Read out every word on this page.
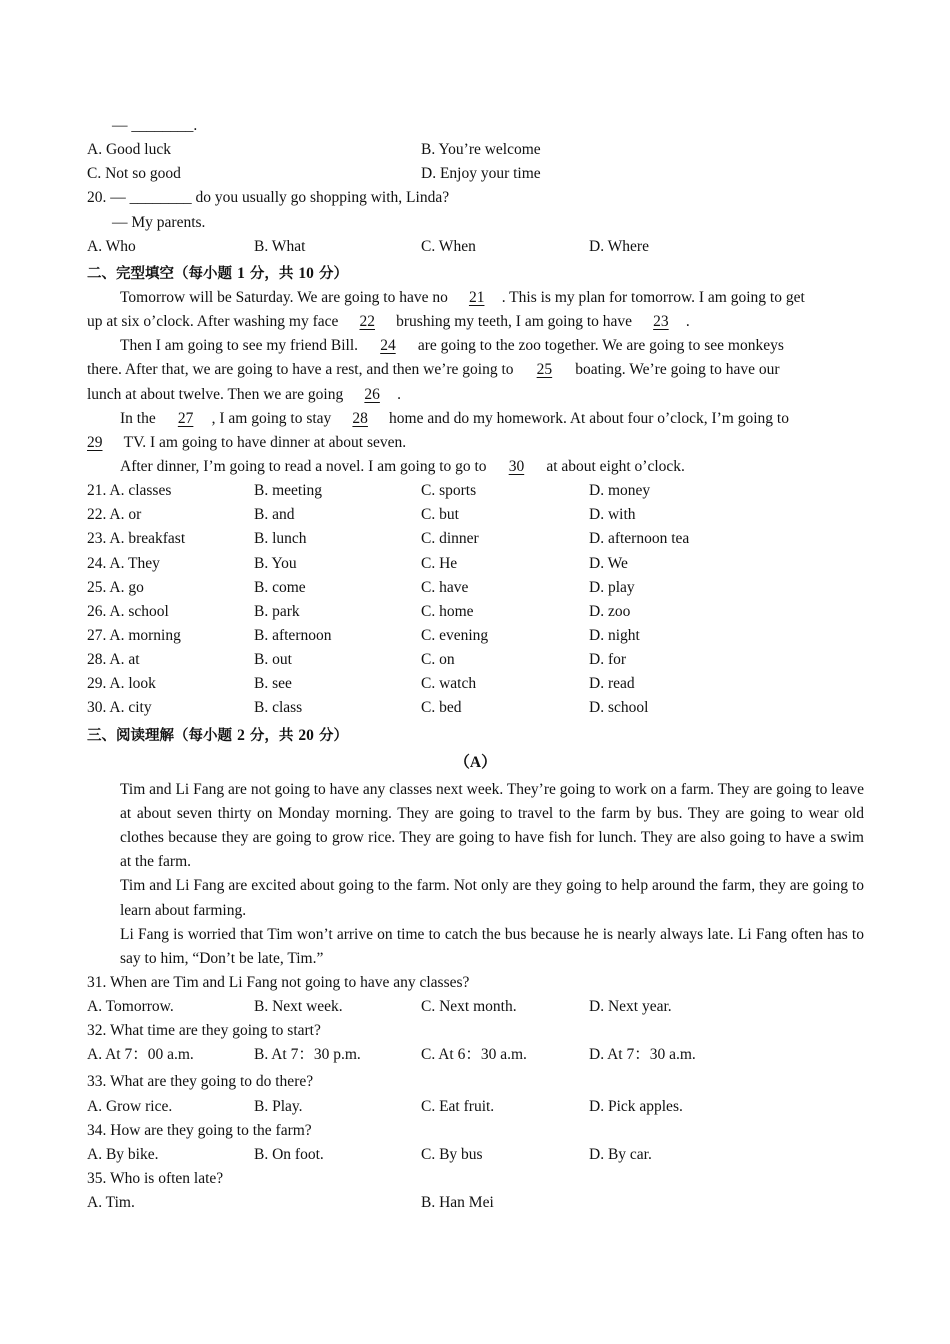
— ________.
A. Good luck	B. You’re welcome
C. Not so good	D. Enjoy your time
20. — ________ do you usually go shopping with, Linda?
— My parents.
A. Who	B. What	C. When	D. Where
二、完型填空（每小题 1 分，共 10 分）
Tomorrow will be Saturday. We are going to have no 21 . This is my plan for tomorrow. I am going to get
up at six o’clock. After washing my face 22 brushing my teeth, I am going to have 23 .
Then I am going to see my friend Bill. 24 are going to the zoo together. We are going to see monkeys
there. After that, we are going to have a rest, and then we’re going to 25 boating. We’re going to have our
lunch at about twelve. Then we are going 26 .
In the 27 , I am going to stay 28 home and do my homework. At about four o’clock, I’m going to
29 TV. I am going to have dinner at about seven.
After dinner, I’m going to read a novel. I am going to go to 30 at about eight o’clock.
21. A. classes	B. meeting	C. sports	D. money
22. A. or	B. and	C. but	D. with
23. A. breakfast	B. lunch	C. dinner	D. afternoon tea
24. A. They	B. You	C. He	D. We
25. A. go	B. come	C. have	D. play
26. A. school	B. park	C. home	D. zoo
27. A. morning	B. afternoon	C. evening	D. night
28. A. at	B. out	C. on	D. for
29. A. look	B. see	C. watch	D. read
30. A. city	B. class	C. bed	D. school
三、阅读理解（每小题 2 分，共 20 分）
（A）
Tim and Li Fang are not going to have any classes next week. They’re going to work on a farm. They are going to leave at about seven thirty on Monday morning. They are going to travel to the farm by bus. They are going to wear old clothes because they are going to grow rice. They are going to have fish for lunch. They are also going to have a swim at the farm.
Tim and Li Fang are excited about going to the farm. Not only are they going to help around the farm, they are going to learn about farming.
Li Fang is worried that Tim won’t arrive on time to catch the bus because he is nearly always late. Li Fang often has to say to him, “Don’t be late, Tim.”
31. When are Tim and Li Fang not going to have any classes?
A. Tomorrow.	B. Next week.	C. Next month.	D. Next year.
32. What time are they going to start?
A. At 7：00 a.m.	B. At 7：30 p.m.	C. At 6：30 a.m.	D. At 7：30 a.m.
33. What are they going to do there?
A. Grow rice.	B. Play.	C. Eat fruit.	D. Pick apples.
34. How are they going to the farm?
A. By bike.	B. On foot.	C. By bus	D. By car.
35. Who is often late?
A. Tim.	B. Han Mei
